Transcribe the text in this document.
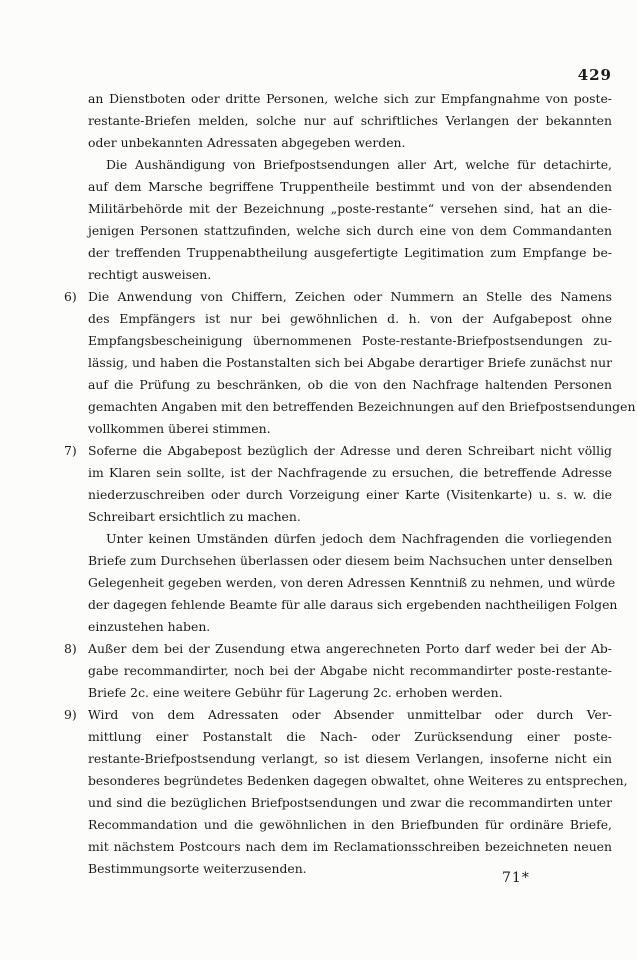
429
an Dienstboten oder dritte Personen, welche sich zur Empfangnahme von poste-
restante-Briefen melden, solche nur auf schriftliches Verlangen der bekannten
oder unbekannten Adressaten abgegeben werden.
Die Aushändigung von Briefpostsendungen aller Art, welche für detachirte,
auf dem Marsche begriffene Truppentheile bestimmt und von der absendenden
Militärbehörde mit der Bezeichnung „poste-restante“ versehen sind, hat an die-
jenigen Personen stattzufinden, welche sich durch eine von dem Commandanten
der treffenden Truppenabtheilung ausgefertigte Legitimation zum Empfange be-
rechtigt ausweisen.
6) Die Anwendung von Chiffern, Zeichen oder Nummern an Stelle des Namens
des Empfängers ist nur bei gewöhnlichen d. h. von der Aufgabepost ohne
Empfangsbescheinigung übernommenen Poste-restante-Briefpostsendungen zu-
lässig, und haben die Postanstalten sich bei Abgabe derartiger Briefe zunächst nur
auf die Prüfung zu beschränken, ob die von den Nachfrage haltenden Personen
gemachten Angaben mit den betreffenden Bezeichnungen auf den Briefpostsendungen
vollkommen überei stimmen.
7) Soferne die Abgabepost bezüglich der Adresse und deren Schreibart nicht völlig
im Klaren sein sollte, ist der Nachfragende zu ersuchen, die betreffende Adresse
niederzuschreiben oder durch Vorzeigung einer Karte (Visitenkarte) u. s. w. die
Schreibart ersichtlich zu machen.
Unter keinen Umständen dürfen jedoch dem Nachfragenden die vorliegenden
Briefe zum Durchsehen überlassen oder diesem beim Nachsuchen unter denselben
Gelegenheit gegeben werden, von deren Adressen Kenntniß zu nehmen, und würde
der dagegen fehlende Beamte für alle daraus sich ergebenden nachtheiligen Folgen
einzustehen haben.
8) Außer dem bei der Zusendung etwa angerechneten Porto darf weder bei der Ab-
gabe recommandirter, noch bei der Abgabe nicht recommandirter poste-restante-
Briefe 2c. eine weitere Gebühr für Lagerung 2c. erhoben werden.
9) Wird von dem Adressaten oder Absender unmittelbar oder durch Ver-
mittlung einer Postanstalt die Nach- oder Zurücksendung einer poste-
restante-Briefpostsendung verlangt, so ist diesem Verlangen, insoferne nicht ein
besonderes begründetes Bedenken dagegen obwaltet, ohne Weiteres zu entsprechen,
und sind die bezüglichen Briefpostsendungen und zwar die recommandirten unter
Recommandation und die gewöhnlichen in den Briefbunden für ordinäre Briefe,
mit nächstem Postcours nach dem im Reclamationsschreiben bezeichneten neuen
Bestimmungsorte weiterzusenden.
71*
